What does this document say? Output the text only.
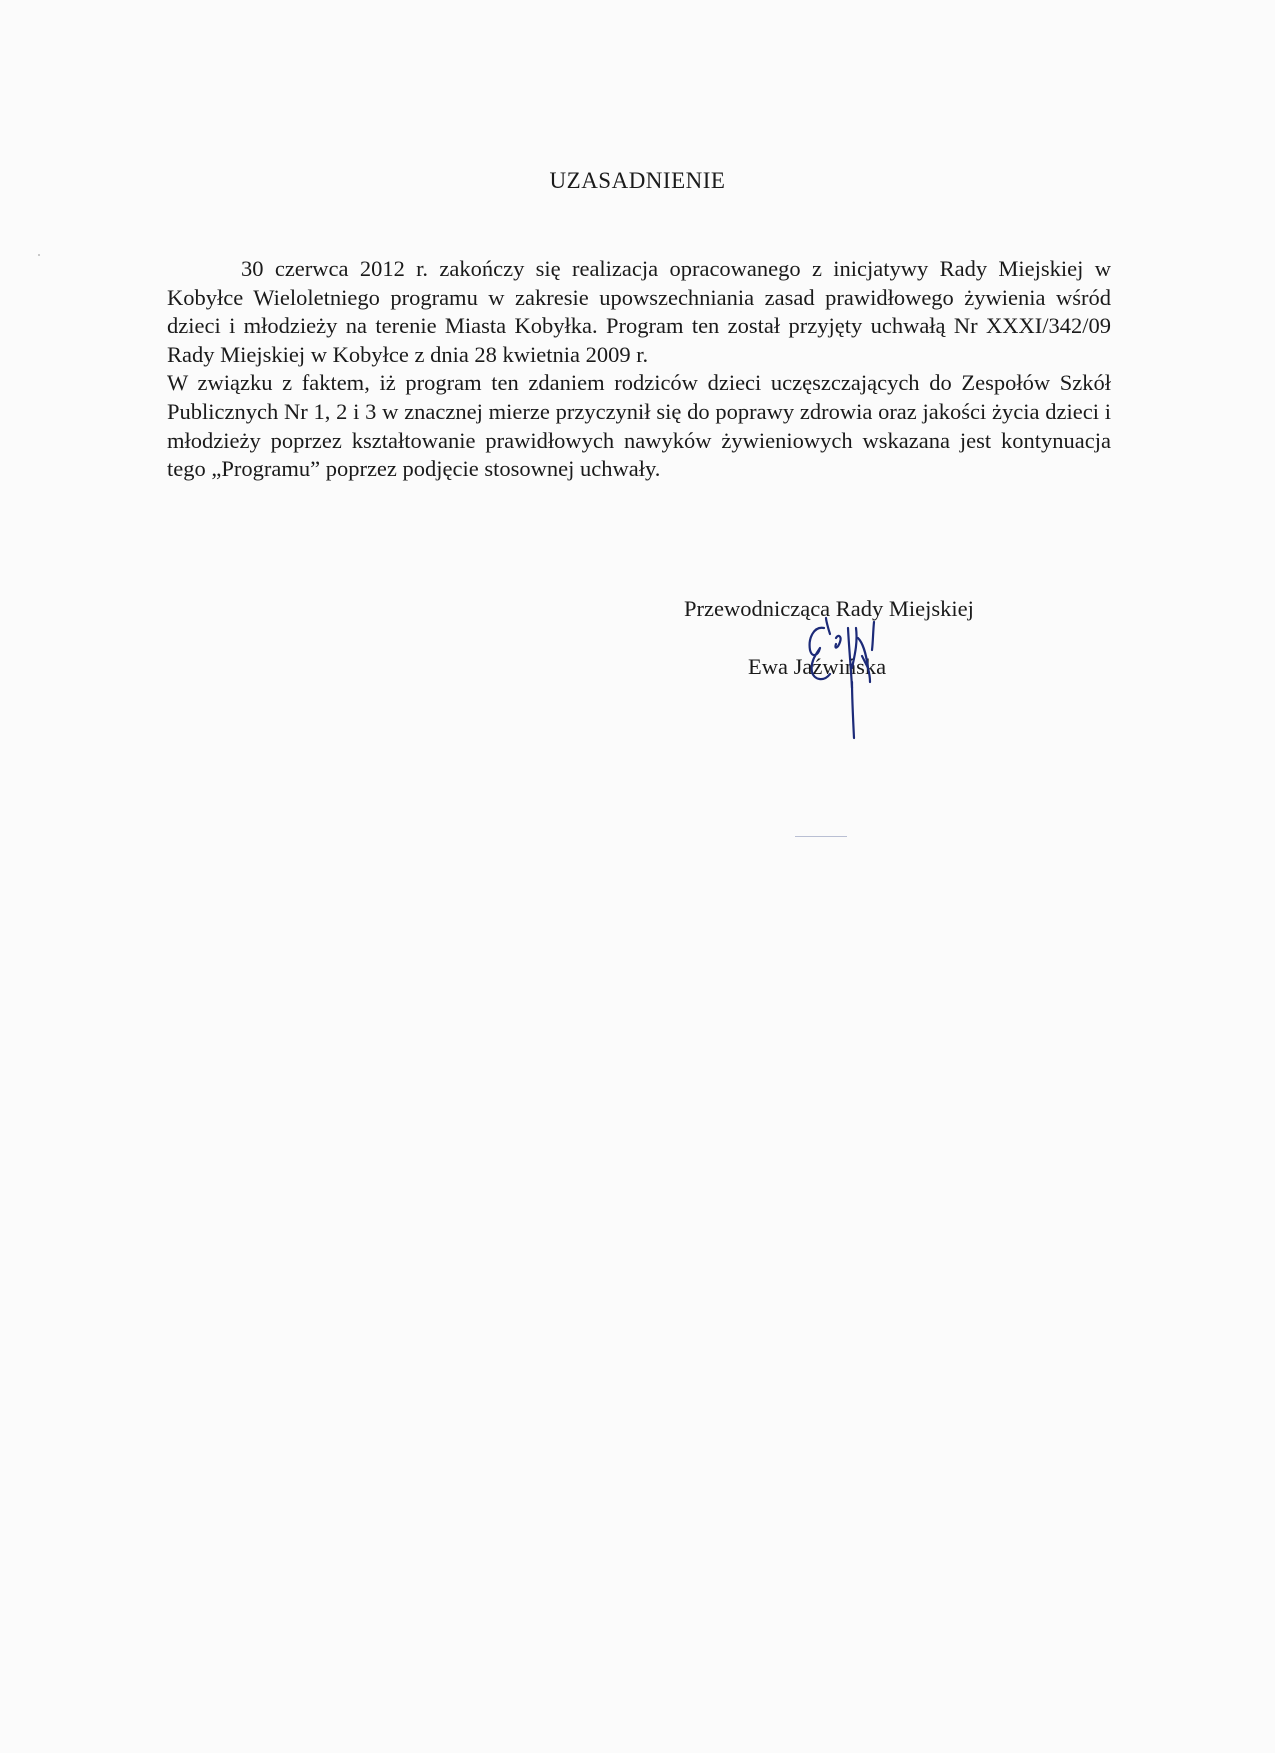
UZASADNIENIE
30 czerwca 2012 r. zakończy się realizacja opracowanego z inicjatywy Rady Miejskiej w Kobyłce Wieloletniego programu w zakresie upowszechniania zasad prawidłowego żywienia wśród dzieci i młodzieży na terenie Miasta Kobyłka. Program ten został przyjęty uchwałą Nr XXXI/342/09 Rady Miejskiej w Kobyłce z dnia 28 kwietnia 2009 r.
W związku z faktem, iż program ten zdaniem rodziców dzieci uczęszczających do Zespołów Szkół Publicznych Nr 1, 2 i 3 w znacznej mierze przyczynił się do poprawy zdrowia oraz jakości życia dzieci i młodzieży poprzez kształtowanie prawidłowych nawyków żywieniowych wskazana jest kontynuacja tego „Programu” poprzez podjęcie stosownej uchwały.
Przewodnicząca Rady Miejskiej
Ewa Jaźwińska
